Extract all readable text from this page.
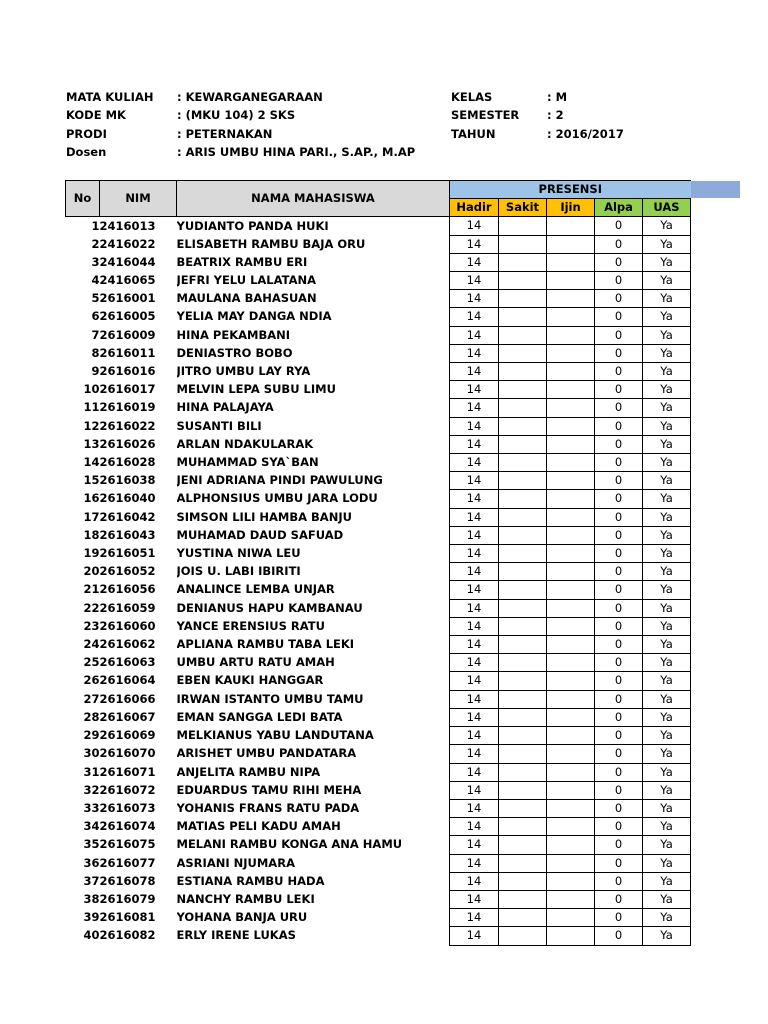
MATA KULIAH : KEWARGANEGARAAN	KELAS	: M
KODE MK	: (MKU 104) 2 SKS	SEMESTER : 2
PRODI	: PETERNAKAN	TAHUN	: 2016/2017
Dosen	: ARIS UMBU HINA PARI., S.AP., M.AP
No	NIM	NAMA MAHASISWA	PRESENSI				
			Hadir	Sakit	Ijin	Alpa	UAS
1	2416013	YUDIANTO PANDA HUKI	14			0	Ya
2	2416022	ELISABETH RAMBU BAJA ORU	14			0	Ya
3	2416044	BEATRIX RAMBU ERI	14			0	Ya
4	2416065	JEFRI YELU LALATANA	14			0	Ya
5	2616001	MAULANA BAHASUAN	14			0	Ya
6	2616005	YELIA MAY DANGA NDIA	14			0	Ya
7	2616009	HINA PEKAMBANI	14			0	Ya
8	2616011	DENIASTRO BOBO	14			0	Ya
9	2616016	JITRO UMBU LAY RYA	14			0	Ya
10	2616017	MELVIN LEPA SUBU LIMU	14			0	Ya
11	2616019	HINA PALAJAYA	14			0	Ya
12	2616022	SUSANTI BILI	14			0	Ya
13	2616026	ARLAN NDAKULARAK	14			0	Ya
14	2616028	MUHAMMAD SYA`BAN	14			0	Ya
15	2616038	JENI ADRIANA PINDI PAWULUNG	14			0	Ya
16	2616040	ALPHONSIUS UMBU JARA LODU	14			0	Ya
17	2616042	SIMSON LILI HAMBA BANJU	14			0	Ya
18	2616043	MUHAMAD DAUD SAFUAD	14			0	Ya
19	2616051	YUSTINA NIWA LEU	14			0	Ya
20	2616052	JOIS U. LABI IBIRITI	14			0	Ya
21	2616056	ANALINCE LEMBA UNJAR	14			0	Ya
22	2616059	DENIANUS HAPU KAMBANAU	14			0	Ya
23	2616060	YANCE ERENSIUS RATU	14			0	Ya
24	2616062	APLIANA RAMBU TABA LEKI	14			0	Ya
25	2616063	UMBU ARTU RATU AMAH	14			0	Ya
26	2616064	EBEN KAUKI HANGGAR	14			0	Ya
27	2616066	IRWAN ISTANTO UMBU TAMU	14			0	Ya
28	2616067	EMAN SANGGA LEDI BATA	14			0	Ya
29	2616069	MELKIANUS YABU LANDUTANA	14			0	Ya
30	2616070	ARISHET UMBU PANDATARA	14			0	Ya
31	2616071	ANJELITA RAMBU NIPA	14			0	Ya
32	2616072	EDUARDUS TAMU RIHI MEHA	14			0	Ya
33	2616073	YOHANIS FRANS RATU PADA	14			0	Ya
34	2616074	MATIAS PELI KADU AMAH	14			0	Ya
35	2616075	MELANI RAMBU KONGA ANA HAMU	14			0	Ya
36	2616077	ASRIANI NJUMARA	14			0	Ya
37	2616078	ESTIANA RAMBU HADA	14			0	Ya
38	2616079	NANCHY RAMBU LEKI	14			0	Ya
39	2616081	YOHANA BANJA URU	14			0	Ya
40	2616082	ERLY IRENE LUKAS	14			0	Ya
